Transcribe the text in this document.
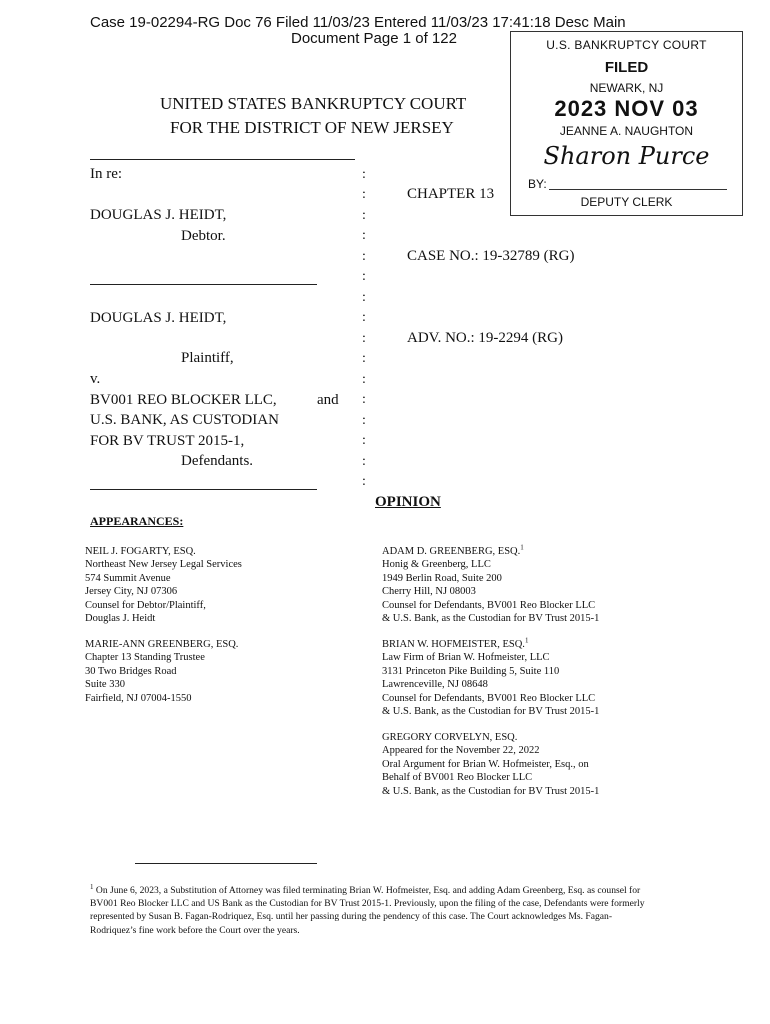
Case 19-02294-RG Doc 76 Filed 11/03/23 Entered 11/03/23 17:41:18 Desc Main
Document Page 1 of 122	U.S. BANKRUPTCY COURT
FILED
NEWARK, NJ
2023 NOV 03
JEANNE A. NAUGHTON
Sharon Purce
BY:
DEPUTY CLERK
UNITED STATES BANKRUPTCY COURT
FOR THE DISTRICT OF NEW JERSEY
In re:
DOUGLAS J. HEIDT,
Debtor.
DOUGLAS J. HEIDT,
Plaintiff,
v.
BV001 REO BLOCKER LLC,	and
U.S. BANK, AS CUSTODIAN
FOR BV TRUST 2015-1,
Defendants.
:
:
:
:
:
:
:
:
:
:
:
:
:
:
:
:
CHAPTER 13
CASE NO.: 19-32789 (RG)
ADV. NO.: 19-2294 (RG)
OPINION
APPEARANCES:
NEIL J. FOGARTY, ESQ.
Northeast New Jersey Legal Services
574 Summit Avenue
Jersey City, NJ 07306
Counsel for Debtor/Plaintiff,
Douglas J. Heidt
MARIE-ANN GREENBERG, ESQ.
Chapter 13 Standing Trustee
30 Two Bridges Road
Suite 330
Fairfield, NJ 07004-1550
ADAM D. GREENBERG, ESQ.$^1$
Honig & Greenberg, LLC
1949 Berlin Road, Suite 200
Cherry Hill, NJ 08003
Counsel for Defendants, BV001 Reo Blocker LLC
& U.S. Bank, as the Custodian for BV Trust 2015-1
BRIAN W. HOFMEISTER, ESQ.$^1$
Law Firm of Brian W. Hofmeister, LLC
3131 Princeton Pike Building 5, Suite 110
Lawrenceville, NJ 08648
Counsel for Defendants, BV001 Reo Blocker LLC
& U.S. Bank, as the Custodian for BV Trust 2015-1
GREGORY CORVELYN, ESQ.
Appeared for the November 22, 2022
Oral Argument for Brian W. Hofmeister, Esq., on
Behalf of BV001 Reo Blocker LLC
& U.S. Bank, as the Custodian for BV Trust 2015-1
$^1$ On June 6, 2023, a Substitution of Attorney was filed terminating Brian W. Hofmeister, Esq. and adding Adam Greenberg, Esq. as counsel for
BV001 Reo Blocker LLC and US Bank as the Custodian for BV Trust 2015-1. Previously, upon the filing of the case, Defendants were formerly
represented by Susan B. Fagan-Rodriquez, Esq. until her passing during the pendency of this case. The Court acknowledges Ms. Fagan-
Rodriquez’s fine work before the Court over the years.
